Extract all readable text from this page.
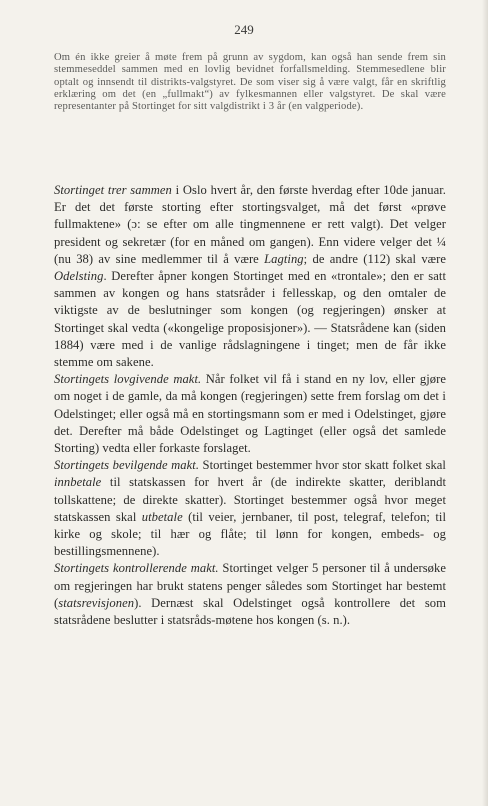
249
Om én ikke greier å møte frem på grunn av sygdom, kan også han sende frem sin stemmeseddel sammen med en lovlig bevidnet forfallsmelding. Stemmesedlene blir optalt og innsendt til distrikts-valgstyret. De som viser sig å være valgt, får en skriftlig erklæring om det (en „fullmakt“) av fylkesmannen eller valgstyret. De skal være representanter på Stortinget for sitt valgdistrikt i 3 år (en valgperiode).

Stortinget trer sammen i Oslo hvert år, den første hverdag efter 10de januar. Er det det første storting efter stortingsvalget, må det først «prøve fullmaktene» (ɔ: se efter om alle tingmennene er rett valgt). Det velger president og sekretær (for en måned om gangen). Enn videre velger det ¼ (nu 38) av sine medlemmer til å være Lagting; de andre (112) skal være Odelsting. Derefter åpner kongen Stortinget med en «trontale»; den er satt sammen av kongen og hans statsråder i fellesskap, og den omtaler de viktigste av de beslutninger som kongen (og regjeringen) ønsker at Stortinget skal vedta («kongelige proposisjoner»). — Statsrådene kan (siden 1884) være med i de vanlige rådslagningene i tinget; men de får ikke stemme om sakene.

Stortingets lovgivende makt. Når folket vil få i stand en ny lov, eller gjøre om noget i de gamle, da må kongen (regjeringen) sette frem forslag om det i Odelstinget; eller også må en stortingsmann som er med i Odelstinget, gjøre det. Derefter må både Odelstinget og Lagtinget (eller også det samlede Storting) vedta eller forkaste forslaget.

Stortingets bevilgende makt. Stortinget bestemmer hvor stor skatt folket skal innbetale til statskassen for hvert år (de indirekte skatter, deriblandt tollskattene; de direkte skatter). Stortinget bestemmer også hvor meget statskassen skal utbetale (til veier, jernbaner, til post, telegraf, telefon; til kirke og skole; til hær og flåte; til lønn for kongen, embeds- og bestillingsmennene).

Stortingets kontrollerende makt. Stortinget velger 5 personer til å undersøke om regjeringen har brukt statens penger således som Stortinget har bestemt (statsrevisjonen). Dernæst skal Odelstinget også kontrollere det som statsrådene beslutter i statsråds-møtene hos kongen (s. n.).
